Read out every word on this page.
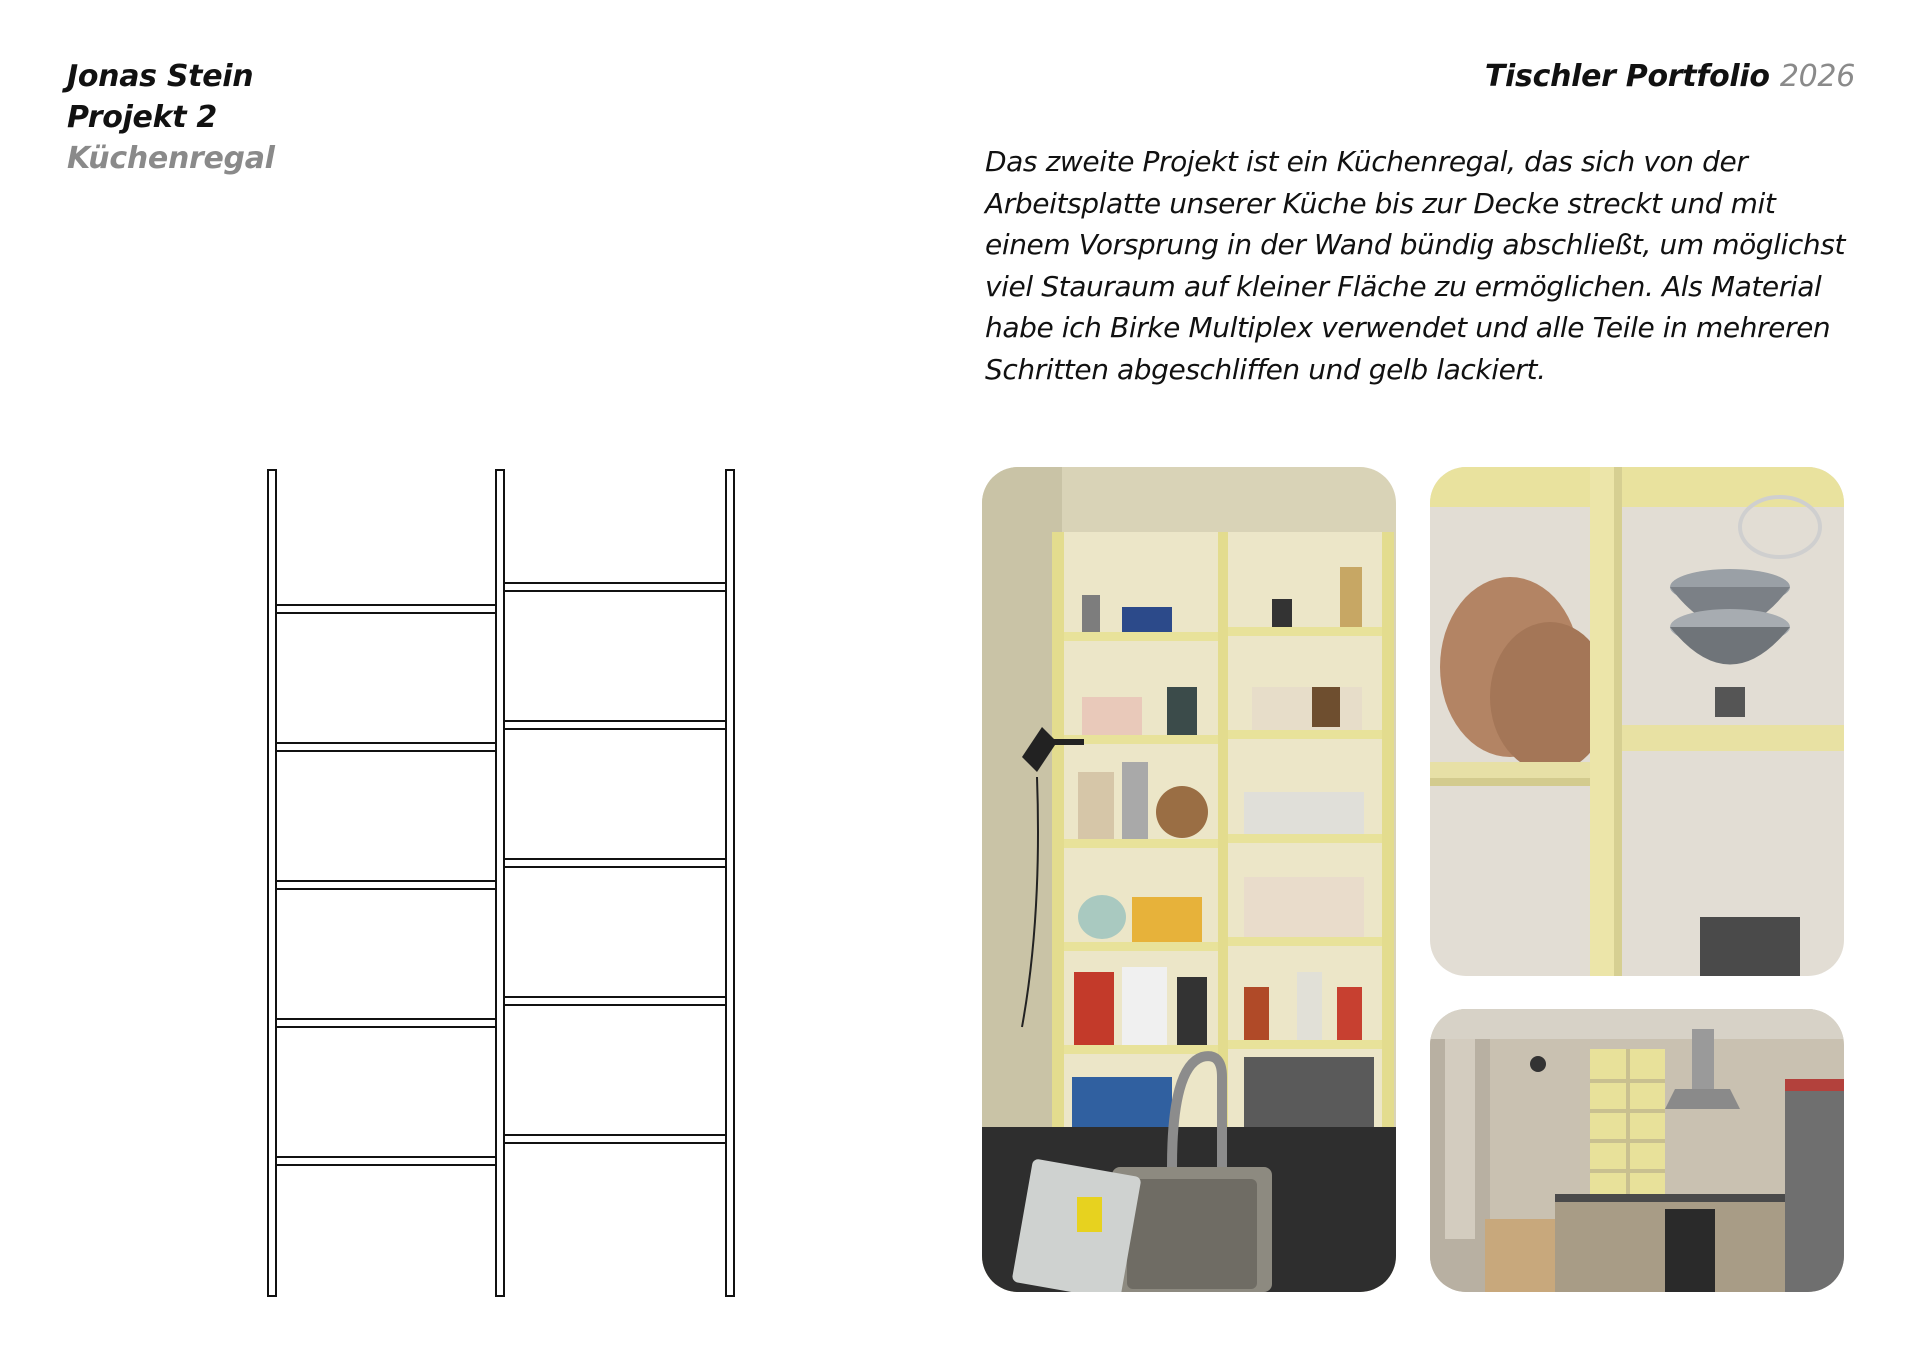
Jonas Stein
Projekt 2
Küchenregal
Tischler Portfolio 2026

Das zweite Projekt ist ein Küchenregal, das sich von der Arbeitsplatte unserer Küche bis zur Decke streckt und mit einem Vorsprung in der Wand bündig abschließt, um möglichst viel Stauraum auf kleiner Fläche zu ermöglichen. Als Material habe ich Birke Multiplex verwendet und alle Teile in mehreren Schritten abgeschliffen und gelb lackiert.
